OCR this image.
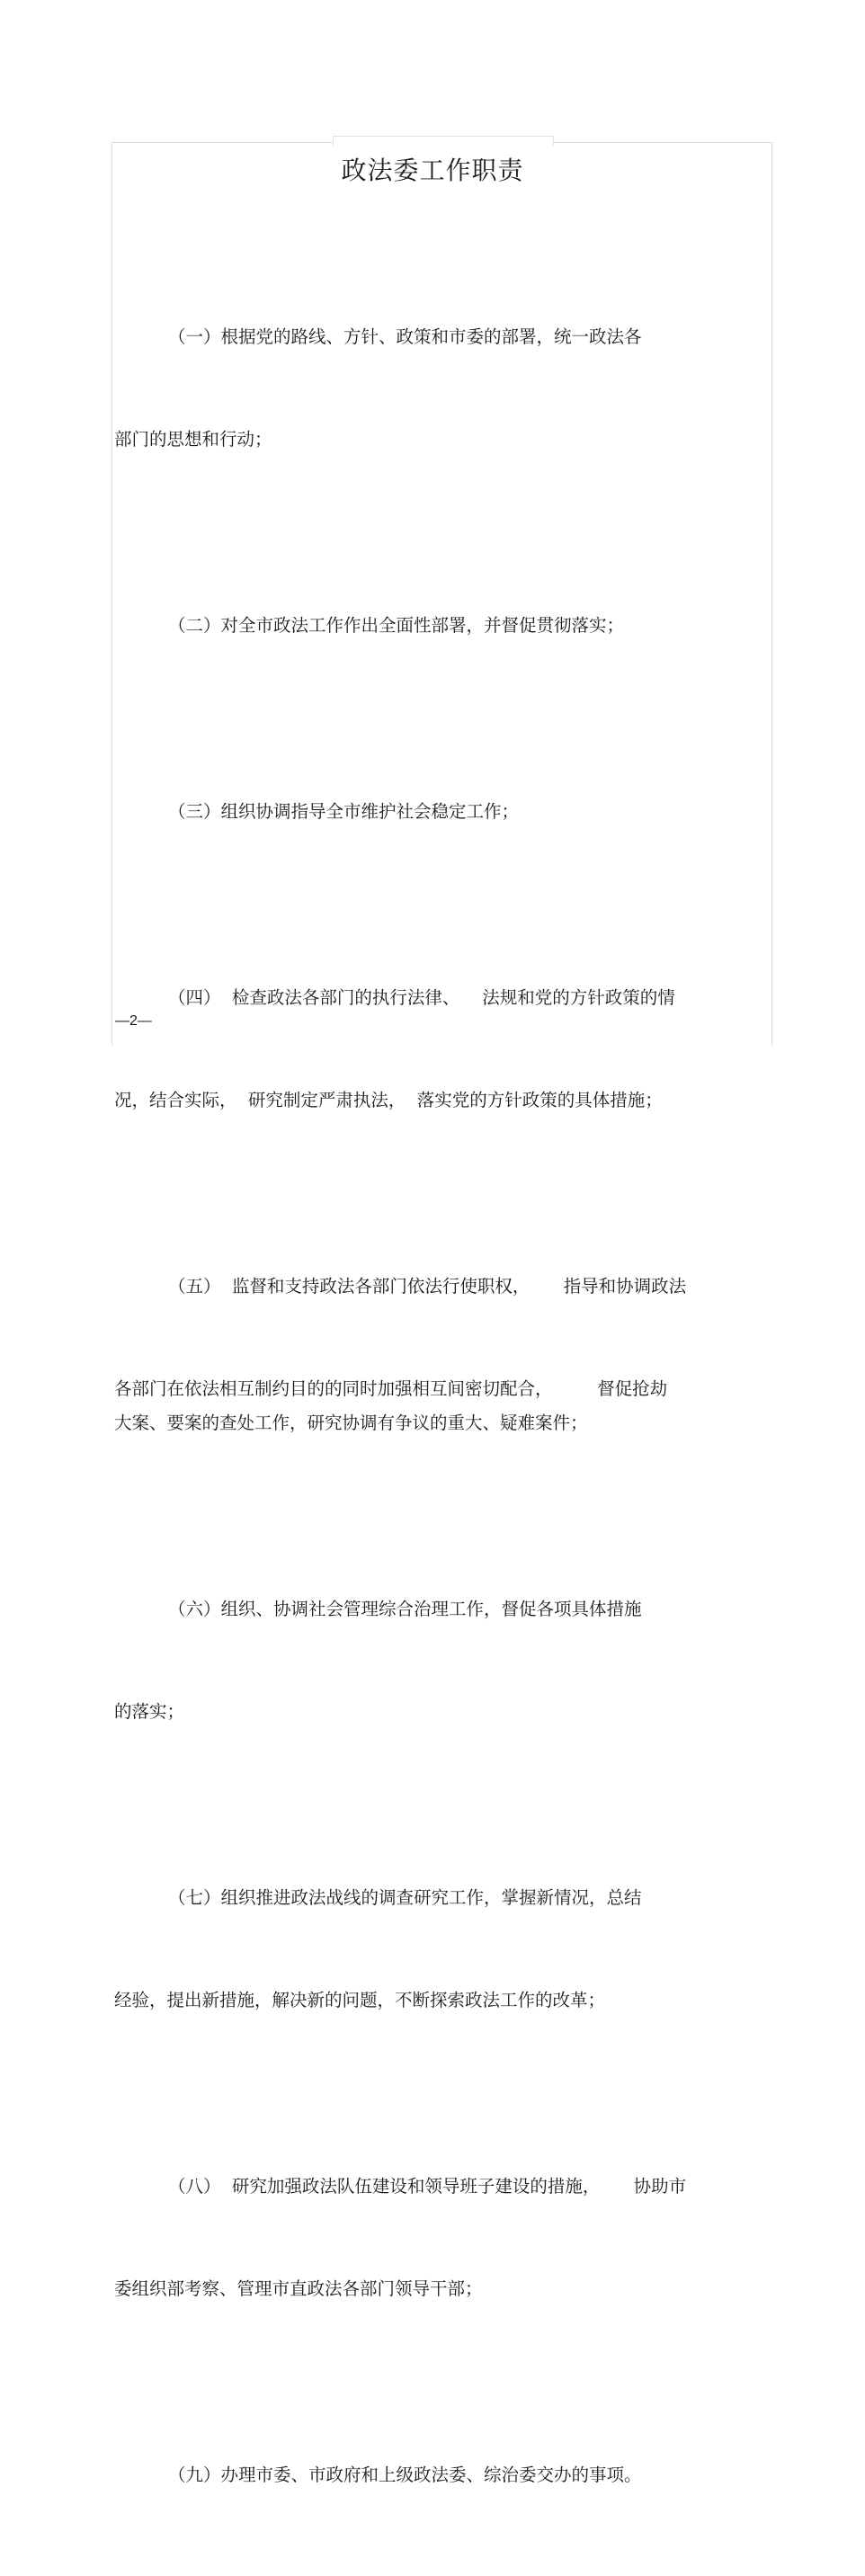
政法委工作职责

（一）根据党的路线、方针、政策和市委的部署，统一政法各

部门的思想和行动；

（二）对全市政法工作作出全面性部署，并督促贯彻落实；

（三）组织协调指导全市维护社会稳定工作；

（四）  检查政法各部门的执行法律、    法规和党的方针政策的情

况，结合实际，  研究制定严肃执法，  落实党的方针政策的具体措施；

（五）  监督和支持政法各部门依法行使职权，      指导和协调政法

各部门在依法相互制约目的的同时加强相互间密切配合，        督促抢劫
大案、要案的查处工作，研究协调有争议的重大、疑难案件；

（六）组织、协调社会管理综合治理工作，督促各项具体措施

的落实；

（七）组织推进政法战线的调查研究工作，掌握新情况，总结

经验，提出新措施，解决新的问题，不断探索政法工作的改革；

（八）  研究加强政法队伍建设和领导班子建设的措施，      协助市

委组织部考察、管理市直政法各部门领导干部；

（九）办理市委、市政府和上级政法委、综治委交办的事项。

—2—
